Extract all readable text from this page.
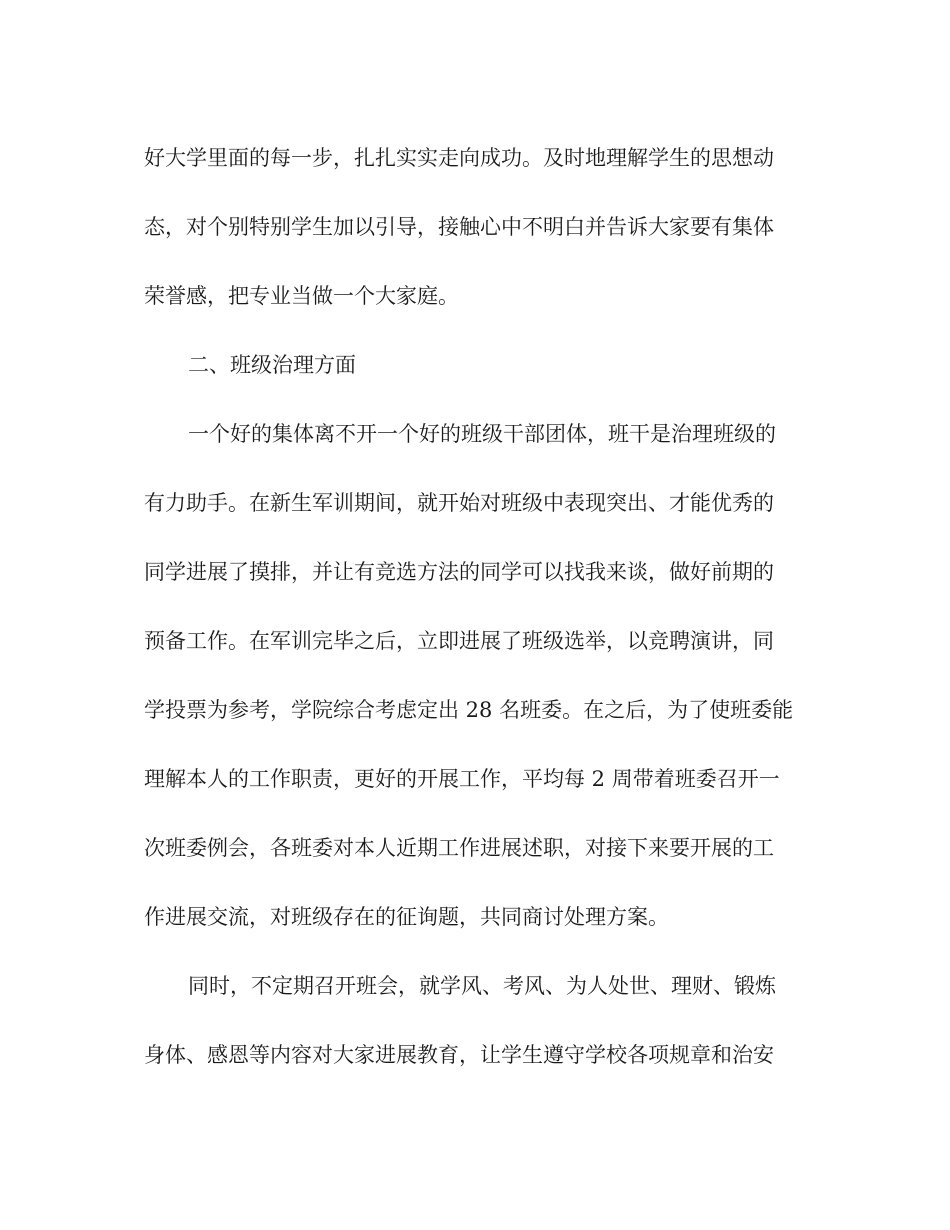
好大学里面的每一步，扎扎实实走向成功。及时地理解学生的思想动
态，对个别特别学生加以引导，接触心中不明白并告诉大家要有集体
荣誉感，把专业当做一个大家庭。
二、班级治理方面
一个好的集体离不开一个好的班级干部团体，班干是治理班级的
有力助手。在新生军训期间，就开始对班级中表现突出、才能优秀的
同学进展了摸排，并让有竞选方法的同学可以找我来谈，做好前期的
预备工作。在军训完毕之后，立即进展了班级选举，以竞聘演讲，同
学投票为参考，学院综合考虑定出 28 名班委。在之后，为了使班委能
理解本人的工作职责，更好的开展工作，平均每 2 周带着班委召开一
次班委例会，各班委对本人近期工作进展述职，对接下来要开展的工
作进展交流，对班级存在的征询题，共同商讨处理方案。
同时，不定期召开班会，就学风、考风、为人处世、理财、锻炼
身体、感恩等内容对大家进展教育，让学生遵守学校各项规章和治安
